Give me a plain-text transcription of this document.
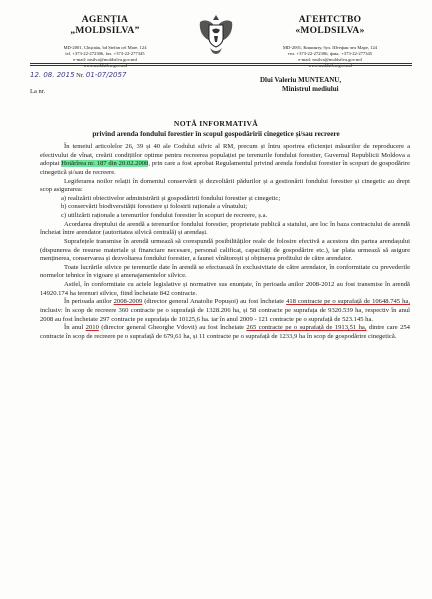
AGENȚIA
„MOLDSILVA”
MD-2001, Chișinău, bd Ștefan cel Mare, 124
tel. +373-22-272306, fax. +373-22-277345
e-mail: msilva@moldsilva.gov.md
www.moldsilva.gov.md
АГЕНТСТВО
«MOLDSILVA»
MD-2001, Кишинэу, бул. Штефан чел Маре, 124
тел. +373-22-272306, факс. +373-22-277345
e-mail: msilva@moldsilva.gov.md
www.moldsilva.gov.md
12. 08. 2015 Nr. 01-07/2057
La nr.
Dlui Valeriu MUNTEANU,
Ministrul mediului
NOTĂ INFORMATIVĂ
privind arenda fondului forestier în scopul gospodăririi cinegetice și/sau recreere

În temeiul articolelor 26, 39 și 40 ale Codului silvic al RM, precum și întru sporirea eficienței măsurilor de reproducere a efectivului de vînat, creării condițiilor optime pentru recreerea populației pe terenurile fondului forestier, Guvernul Republicii Moldova a adoptat Hotărîrea nr. 187 din 20.02.2008, prin care a fost aprobat Regulamentul privind arenda fondului forestier în scopuri de gospodărire cinegetică și/sau de recreere.

Legiferarea noilor relații în domeniul conservării și dezvoltării pădurilor și a gestionării fondului forestier și cinegetic au drept scop asigurarea:

a) realizării obiectivelor administrării și gospodăririi fondului forestier și cinegetic;

b) conservării biodiversității forestiere și folosirii raționale a vînatului;

c) utilizării raționale a terenurilor fondului forestier în scopuri de recreere, ș.a.

Acordarea dreptului de arendă a terenurilor fondului forestier, proprietate publică a statului, are loc în baza contractului de arendă încheiat între arendator (autoritatea silvică centrală) și arendași.

Suprafețele transmise în arendă urmează să corespundă posibilităților reale de folosire efectivă a acestora din partea arendașului (dispunerea de resurse materiale și financiare necesare, personal calificat, capacități de gospodărire etc.), iar plata urmează să asigure menținerea, conservarea și dezvoltarea fondului forestier, a faunei vînătorești și obținerea profitului de către arendator.

Toate lucrările silvice pe terenurile date în arendă se efectuează în exclusivitate de către arendator, în conformitate cu prevederile normelor tehnice în vigoare și amenajamentelor silvice.

Astfel, în conformitate cu actele legislative și normative sus enunțate, în perioada anilor 2008-2012 au fost transmise în arendă 14920.174 ha terenuri silvice, fiind încheiate 842 contracte.

În perioada anilor 2008-2009 (director general Anatolie Popușoi) au fost încheiate 418 contracte pe o suprafață de 10648.745 ha, inclusiv: în scop de recreere 360 contracte pe o suprafață de 1328.206 ha, și 58 contracte pe suprafața de 9320.539 ha, respectiv în anul 2008 au fost încheiate 297 contracte pe suprafața de 10125,6 ha. iar în anul 2009 - 121 contracte pe o suprafață de 523.145 ha.

În anul 2010 (director general Gheorghe Vdovii) au fost încheiate 265 contracte pe o suprafață de 1913,51 ha, dintre care 254 contracte în scop de recreere pe o suprafață de 679,61 ha, și 11 contracte pe o suprafață de 1233,9 ha în scop de gospodărire cinegetică.
